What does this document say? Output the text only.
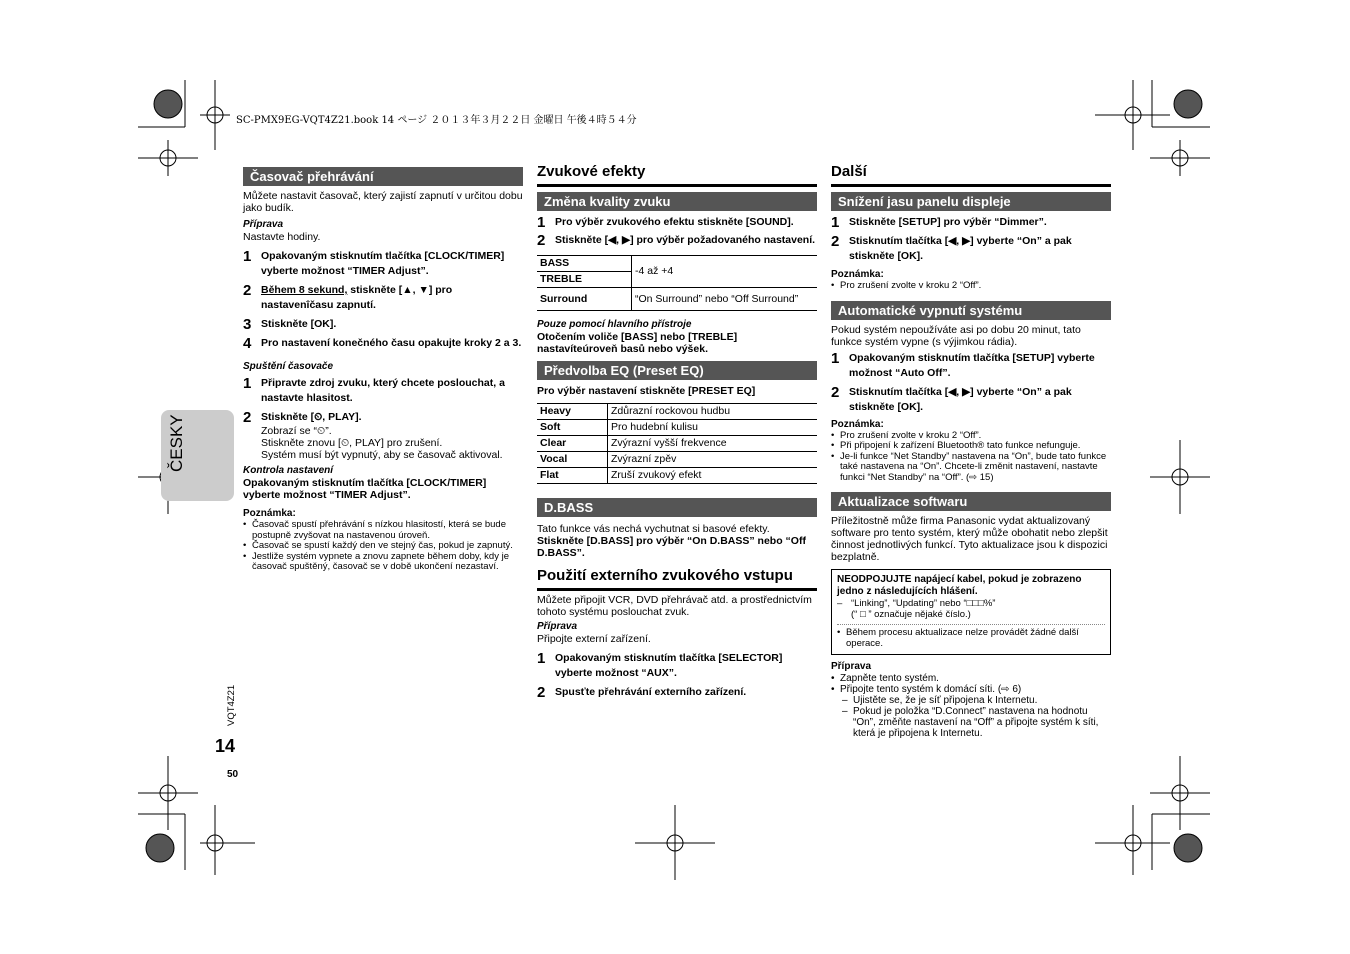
SC-PMX9EG-VQT4Z21.book 14 ページ ２０１３年３月２２日 金曜日 午後４時５４分
ČESKY
VQT4Z21
14
50
Časovač přehrávání

Můžete nastavit časovač, který zajistí zapnutí v určitou dobu jako budík.

Příprava

Nastavte hodiny.

1 Opakovaným stisknutím tlačítka [CLOCK/TIMER] vyberte možnost “TIMER Adjust”.
2 Během 8 sekund, stiskněte [▲, ▼] pro nastavenîčasu zapnutí.
3 Stiskněte [OK].
4 Pro nastavení konečného času opakujte kroky 2 a 3.

Spuštění časovače

1 Připravte zdroj zvuku, který chcete poslouchat, a nastavte hlasitost.
2 Stiskněte [⏲, PLAY].

Zobrazí se “⏲”.

Stiskněte znovu [⏲, PLAY] pro zrušení.

Systém musí být vypnutý, aby se časovač aktivoval.

Kontrola nastavení

Opakovaným stisknutím tlačítka [CLOCK/TIMER] vyberte možnost “TIMER Adjust”.

Poznámka:

• Časovač spustí přehrávání s nízkou hlasitostí, která se bude postupně zvyšovat na nastavenou úroveň.
• Časovač se spustí každý den ve stejný čas, pokud je zapnutý.
• Jestliže systém vypnete a znovu zapnete během doby, kdy je časovač spuštěný, časovač se v době ukončení nezastaví.
Zvukové efekty
Změna kvality zvuku
1 Pro výběr zvukového efektu stiskněte [SOUND].
2 Stiskněte [◀, ▶] pro výběr požadovaného nastavení.
BASS	-4 až +4
TREBLE	
Surround	“On Surround” nebo “Off Surround”

Pouze pomocí hlavního přístroje

Otočením voliče [BASS] nebo [TREBLE] nastavíteúroveň basů nebo výšek.

Předvolba EQ (Preset EQ)

Pro výběr nastavení stiskněte [PRESET EQ]

Heavy	Zdůrazní rockovou hudbu
Soft	Pro hudební kulisu
Clear	Zvýrazní vyšší frekvence
Vocal	Zvýrazní zpěv
Flat	Zruší zvukový efekt
D.BASS

Tato funkce vás nechá vychutnat si basové efekty.

Stiskněte [D.BASS] pro výběr “On D.BASS” nebo “Off D.BASS”.

Použití externího zvukového vstupu

Můžete připojit VCR, DVD přehrávač atd. a prostřednictvím tohoto systému poslouchat zvuk.

Příprava

Připojte externí zařízení.

1 Opakovaným stisknutím tlačítka [SELECTOR] vyberte možnost “AUX”.
2 Spusťte přehrávání externího zařízení.
Další
Snížení jasu panelu displeje
1 Stiskněte [SETUP] pro výběr “Dimmer”.
2 Stisknutím tlačítka [◀, ▶] vyberte “On” a pak stiskněte [OK].

Poznámka:

• Pro zrušení zvolte v kroku 2 “Off”.
Automatické vypnutí systému

Pokud systém nepoužíváte asi po dobu 20 minut, tato funkce systém vypne (s výjimkou rádia).

1 Opakovaným stisknutím tlačítka [SETUP] vyberte možnost “Auto Off”.
2 Stisknutím tlačítka [◀, ▶] vyberte “On” a pak stiskněte [OK].

Poznámka:

• Pro zrušení zvolte v kroku 2 “Off”.
• Při připojení k zařízení Bluetooth® tato funkce nefunguje.
• Je-li funkce “Net Standby” nastavena na “On”, bude tato funkce také nastavena na “On”. Chcete-li změnit nastavení, nastavte funkci “Net Standby” na “Off”. (⇨ 15)
Aktualizace softwaru

Příležitostně může firma Panasonic vydat aktualizovaný software pro tento systém, který může obohatit nebo zlepšit činnost jednotlivých funkcí. Tyto aktualizace jsou k dispozici bezplatně.

NEODPOJUJTE napájecí kabel, pokud je zobrazeno jedno z následujících hlášení.

– “Linking”, “Updating” nebo “□□□%”

(“ □ ” označuje nějaké číslo.)

• Během procesu aktualizace nelze provádět žádné další operace.

Příprava

• Zapněte tento systém.
• Připojte tento systém k domácí síti. (⇨ 6)
– Ujistěte se, že je síť připojena k Internetu.
– Pokud je položka “D.Connect” nastavena na hodnotu “On”, změňte nastavení na “Off” a připojte systém k síti, která je připojena k Internetu.
